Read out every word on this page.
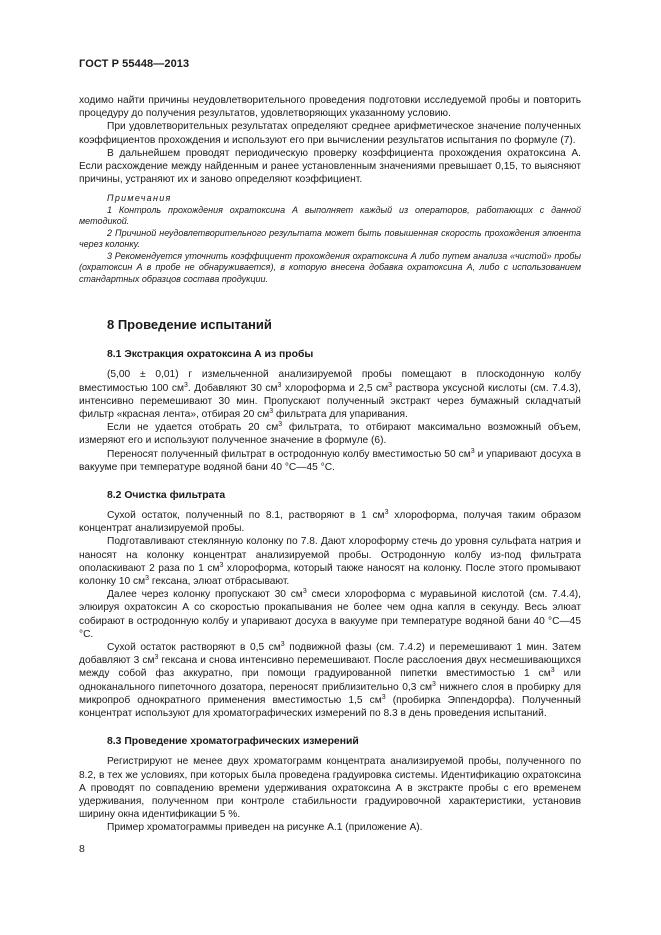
ГОСТ Р 55448—2013

ходимо найти причины неудовлетворительного проведения подготовки исследуемой пробы и повторить процедуру до получения результатов, удовлетворяющих указанному условию.

При удовлетворительных результатах определяют среднее арифметическое значение полученных коэффициентов прохождения и используют его при вычислении результатов испытания по формуле (7).

В дальнейшем проводят периодическую проверку коэффициента прохождения охратоксина А. Если расхождение между найденным и ранее установленным значениями превышает 0,15, то выясняют причины, устраняют их и заново определяют коэффициент.

Примечания

1 Контроль прохождения охратоксина А выполняет каждый из операторов, работающих с данной методикой.

2 Причиной неудовлетворительного результата может быть повышенная скорость прохождения элюента через колонку.

3 Рекомендуется уточнить коэффициент прохождения охратоксина А либо путем анализа «чистой» пробы (охратоксин А в пробе не обнаруживается), в которую внесена добавка охратоксина А, либо с использованием стандартных образцов состава продукции.

8 Проведение испытаний
8.1 Экстракция охратоксина А из пробы

(5,00 ± 0,01) г измельченной анализируемой пробы помещают в плоскодонную колбу вместимостью 100 $см^3$. Добавляют 30 $см^3$ хлороформа и 2,5 $см^3$ раствора уксусной кислоты (см. 7.4.3), интенсивно перемешивают 30 мин. Пропускают полученный экстракт через бумажный складчатый фильтр «красная лента», отбирая 20 $см^3$ фильтрата для упаривания.

Если не удается отобрать 20 $см^3$ фильтрата, то отбирают максимально возможный объем, измеряют его и используют полученное значение в формуле (6).

Переносят полученный фильтрат в остродонную колбу вместимостью 50 $см^3$ и упаривают досуха в вакууме при температуре водяной бани 40 °С—45 °С.

8.2 Очистка фильтрата

Сухой остаток, полученный по 8.1, растворяют в 1 $см^3$ хлороформа, получая таким образом концентрат анализируемой пробы.

Подготавливают стеклянную колонку по 7.8. Дают хлороформу стечь до уровня сульфата натрия и наносят на колонку концентрат анализируемой пробы. Остродонную колбу из-под фильтрата ополаскивают 2 раза по 1 $см^3$ хлороформа, который также наносят на колонку. После этого промывают колонку 10 $см^3$ гексана, элюат отбрасывают.

Далее через колонку пропускают 30 $см^3$ смеси хлороформа с муравьиной кислотой (см. 7.4.4), элюируя охратоксин А со скоростью прокапывания не более чем одна капля в секунду. Весь элюат собирают в остродонную колбу и упаривают досуха в вакууме при температуре водяной бани 40 °С—45 °С.

Сухой остаток растворяют в 0,5 $см^3$ подвижной фазы (см. 7.4.2) и перемешивают 1 мин. Затем добавляют 3 $см^3$ гексана и снова интенсивно перемешивают. После расслоения двух несмешивающихся между собой фаз аккуратно, при помощи градуированной пипетки вместимостью 1 $см^3$ или одноканального пипеточного дозатора, переносят приблизительно 0,3 $см^3$ нижнего слоя в пробирку для микропроб однократного применения вместимостью 1,5 $см^3$ (пробирка Эппендорфа). Полученный концентрат используют для хроматографических измерений по 8.3 в день проведения испытаний.

8.3 Проведение хроматографических измерений

Регистрируют не менее двух хроматограмм концентрата анализируемой пробы, полученного по 8.2, в тех же условиях, при которых была проведена градуировка системы. Идентификацию охратоксина А проводят по совпадению времени удерживания охратоксина А в экстракте пробы с его временем удерживания, полученном при контроле стабильности градуировочной характеристики, установив ширину окна идентификации 5 %.

Пример хроматограммы приведен на рисунке А.1 (приложение А).

8
